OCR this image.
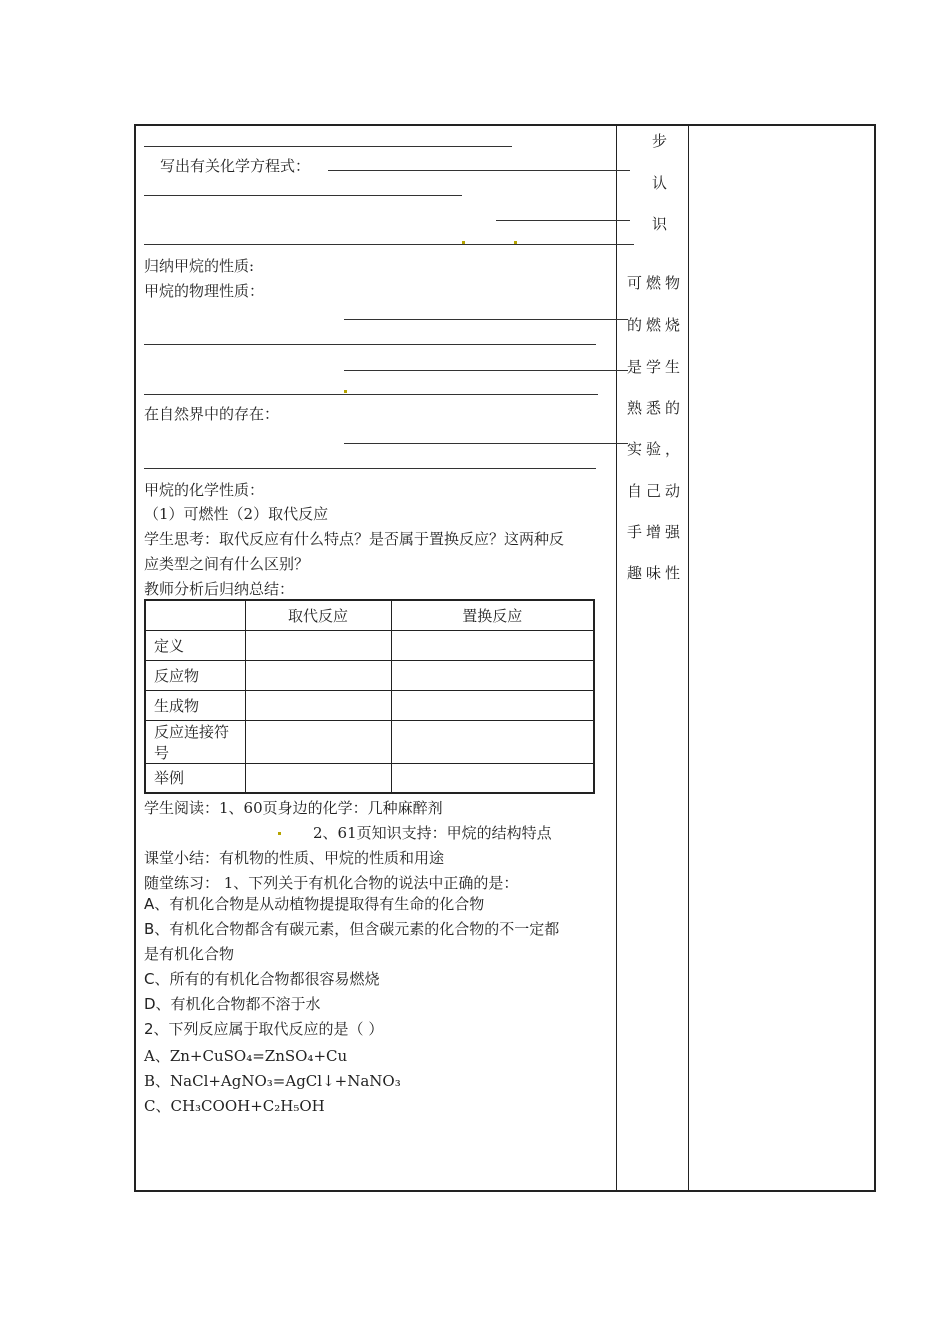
写出有关化学方程式：
归纳甲烷的性质:
甲烷的物理性质：
在自然界中的存在：
甲烷的化学性质：
（1）可燃性（2）取代反应
学生思考：取代反应有什么特点？是否属于置换反应？这两种反
应类型之间有什么区别？
教师分析后归纳总结：
	取代反应	置换反应
定义		
反应物		
生成物		
反应连接符号		
举例		
学生阅读：1、60页身边的化学：几种麻醉剂
2、61页知识支持：甲烷的结构特点
课堂小结：有机物的性质、甲烷的性质和用途
随堂练习： 1、下列关于有机化合物的说法中正确的是：
A、有机化合物是从动植物提提取得有生命的化合物
B、有机化合物都含有碳元素，但含碳元素的化合物的不一定都
是有机化合物
C、所有的有机化合物都很容易燃烧
D、有机化合物都不溶于水
2、下列反应属于取代反应的是（ ）
A、Zn+CuSO₄=ZnSO₄+Cu
B、NaCl+AgNO₃=AgCl↓+NaNO₃
C、CH₃COOH+C₂H₅OH
步
认
识
可燃物
的燃烧
是学生
熟悉的
实验，
自己动
手增强
趣味性
